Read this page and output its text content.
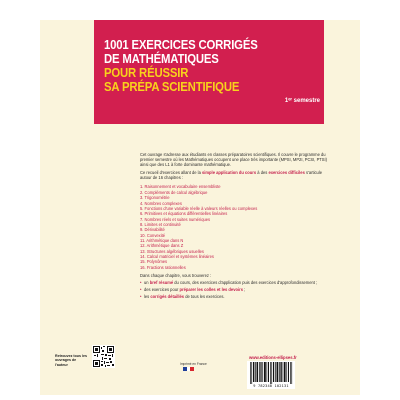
1001 EXERCICES CORRIGÉS
DE MATHÉMATIQUES
POUR RÉUSSIR
SA PRÉPA SCIENTIFIQUE
1ᵉʳ semestre

Cet ouvrage s'adresse aux étudiants en classes préparatoires scientifiques. Il couvre le programme du premier semestre où les Mathématiques occupent une place très importante (MPSI, MP2I, PCSI, PTSI) ainsi que des L1 à forte dominante mathématique.

Ce recueil d'exercices allant de la simple application du cours à des exercices difficiles s'articule autour de 16 chapitres :

1. Raisonnement et vocabulaire ensembliste
2. Compléments de calcul algébrique
3. Trigonométrie
4. Nombres complexes
5. Fonctions d'une variable réelle à valeurs réelles ou complexes
6. Primitives et équations différentielles linéaires
7. Nombres réels et suites numériques
8. Limites et continuité
9. Dérivabilité
10. Convexité
11. Arithmétique dans N
12. Arithmétique dans Z
13. Structures algébriques usuelles
14. Calcul matriciel et systèmes linéaires
15. Polynômes
16. Fractions rationnelles

Dans chaque chapitre, vous trouverez :

• un bref résumé du cours, des exercices d'application puis des exercices d'approfondissement ;
• des exercices pour préparer les colles et les devoirs ;
• les corrigés détaillés de tous les exercices.
Retrouvez tous les ouvrages de l'auteur	Imprimé en France
www.editions-ellipses.fr
9 782340 102131
